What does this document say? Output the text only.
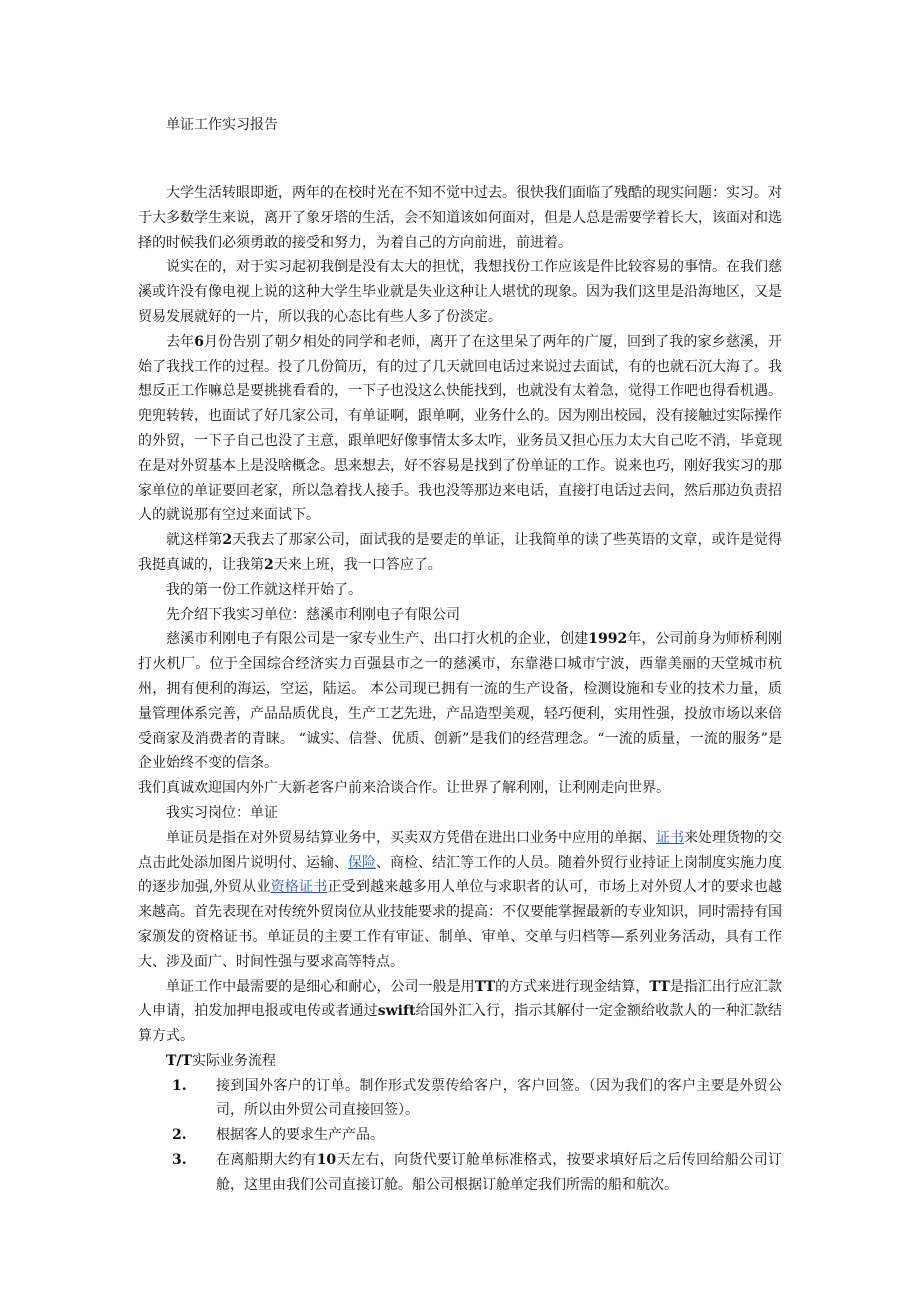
单证工作实习报告

大学生活转眼即逝，两年的在校时光在不知不觉中过去。很快我们面临了残酷的现实问题：实习。对于大多数学生来说，离开了象牙塔的生活，会不知道该如何面对，但是人总是需要学着长大，该面对和选择的时候我们必须勇敢的接受和努力，为着自己的方向前进，前进着。

说实在的，对于实习起初我倒是没有太大的担忧，我想找份工作应该是件比较容易的事情。在我们慈溪或许没有像电视上说的这种大学生毕业就是失业这种让人堪忧的现象。因为我们这里是沿海地区，又是贸易发展就好的一片，所以我的心态比有些人多了份淡定。

去年6月份告别了朝夕相处的同学和老师，离开了在这里呆了两年的广厦，回到了我的家乡慈溪，开始了我找工作的过程。投了几份简历，有的过了几天就回电话过来说过去面试，有的也就石沉大海了。我想反正工作嘛总是要挑挑看看的，一下子也没这么快能找到，也就没有太着急，觉得工作吧也得看机遇。兜兜转转，也面试了好几家公司，有单证啊，跟单啊，业务什么的。因为刚出校园，没有接触过实际操作的外贸，一下子自己也没了主意，跟单吧好像事情太多太咋，业务员又担心压力太大自己吃不消，毕竟现在是对外贸基本上是没啥概念。思来想去，好不容易是找到了份单证的工作。说来也巧，刚好我实习的那家单位的单证要回老家，所以急着找人接手。我也没等那边来电话，直接打电话过去问，然后那边负责招人的就说那有空过来面试下。

就这样第2天我去了那家公司，面试我的是要走的单证，让我简单的读了些英语的文章，或许是觉得我挺真诚的，让我第2天来上班，我一口答应了。

我的第一份工作就这样开始了。

先介绍下我实习单位：慈溪市利刚电子有限公司

慈溪市利刚电子有限公司是一家专业生产、出口打火机的企业，创建1992年，公司前身为师桥利刚打火机厂。位于全国综合经济实力百强县市之一的慈溪市，东靠港口城市宁波，西靠美丽的天堂城市杭州，拥有便利的海运，空运，陆运。 本公司现已拥有一流的生产设备，检测设施和专业的技术力量，质量管理体系完善，产品品质优良，生产工艺先进，产品造型美观，轻巧便利，实用性强，投放市场以来倍受商家及消费者的青睐。 “诚实、信誉、优质、创新”是我们的经营理念。“一流的质量，一流的服务”是企业始终不变的信条。

我们真诚欢迎国内外广大新老客户前来洽谈合作。让世界了解利刚，让利刚走向世界。

我实习岗位：单证

单证员是指在对外贸易结算业务中，买卖双方凭借在进出口业务中应用的单据、证书来处理货物的交点击此处添加图片说明付、运输、保险、商检、结汇等工作的人员。随着外贸行业持证上岗制度实施力度的逐步加强,外贸从业资格证书正受到越来越多用人单位与求职者的认可，市场上对外贸人才的要求也越来越高。首先表现在对传统外贸岗位从业技能要求的提高：不仅要能掌握最新的专业知识，同时需持有国家颁发的资格证书。单证员的主要工作有审证、制单、审单、交单与归档等—系列业务活动，具有工作大、涉及面广、时间性强与要求高等特点。

单证工作中最需要的是细心和耐心，公司一般是用TT的方式来进行现金结算，TT是指汇出行应汇款人申请，拍发加押电报或电传或者通过swift给国外汇入行，指示其解付一定金额给收款人的一种汇款结算方式。

T/T实际业务流程

1.	接到国外客户的订单。制作形式发票传给客户，客户回签。（因为我们的客户主要是外贸公司，所以由外贸公司直接回签）。
2.	根据客人的要求生产产品。
3.	在离船期大约有10天左右，向货代要订舱单标准格式，按要求填好后之后传回给船公司订舱，这里由我们公司直接订舱。船公司根据订舱单定我们所需的船和航次。
